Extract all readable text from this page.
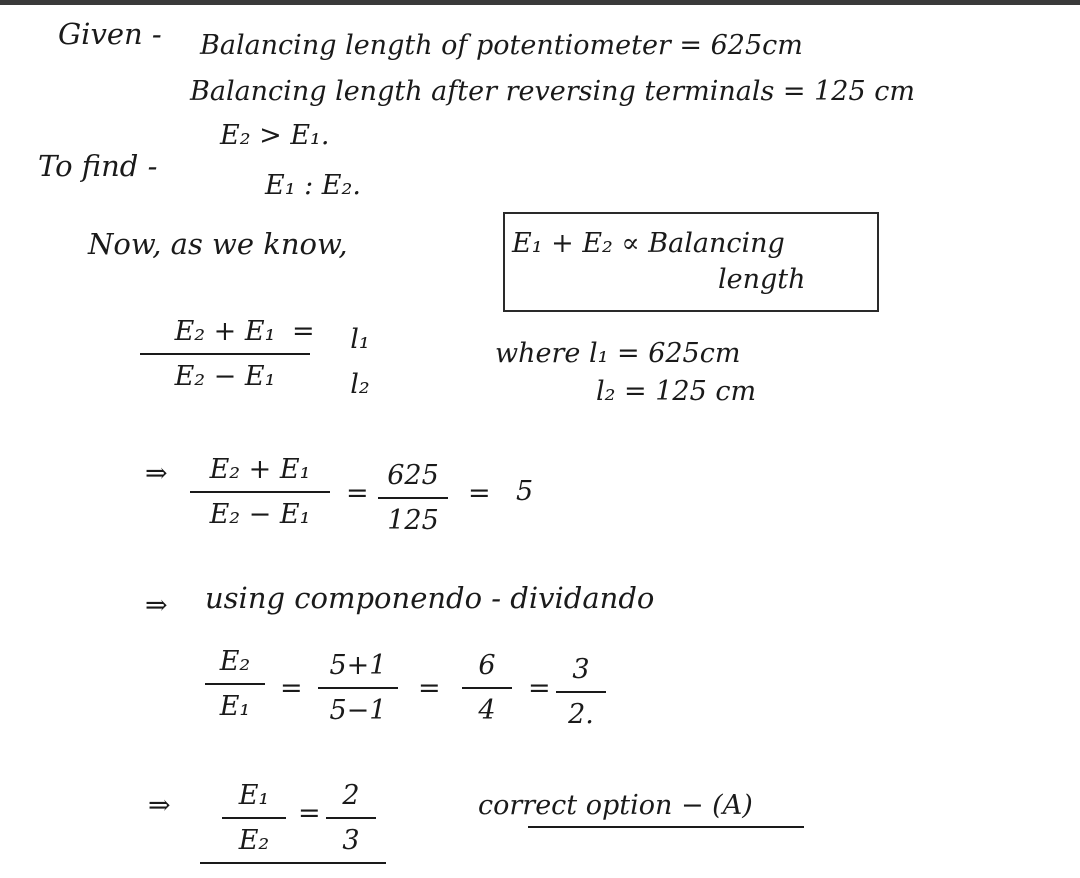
Given - Balancing length of potentiometer = 625cm
Balancing length after reversing terminals = 125 cm
E₂ > E₁.
To find -
E₁ : E₂.
Now, as we know,	E₁ + E₂ ∝ Balancing
length
E₂ + E₁
E₂ − E₁
= l₁
l₂
where l₁ = 625cm
l₂ = 125 cm
⇒ E₂ + E₁
E₂ − E₁
=
625
125
= 5
⇒ using componendo - dividando
E₂
E₁
=
5+1
5−1
=
6
4
=
3
2.
⇒	E₁
E₂
=
2
3
correct option − (A)
